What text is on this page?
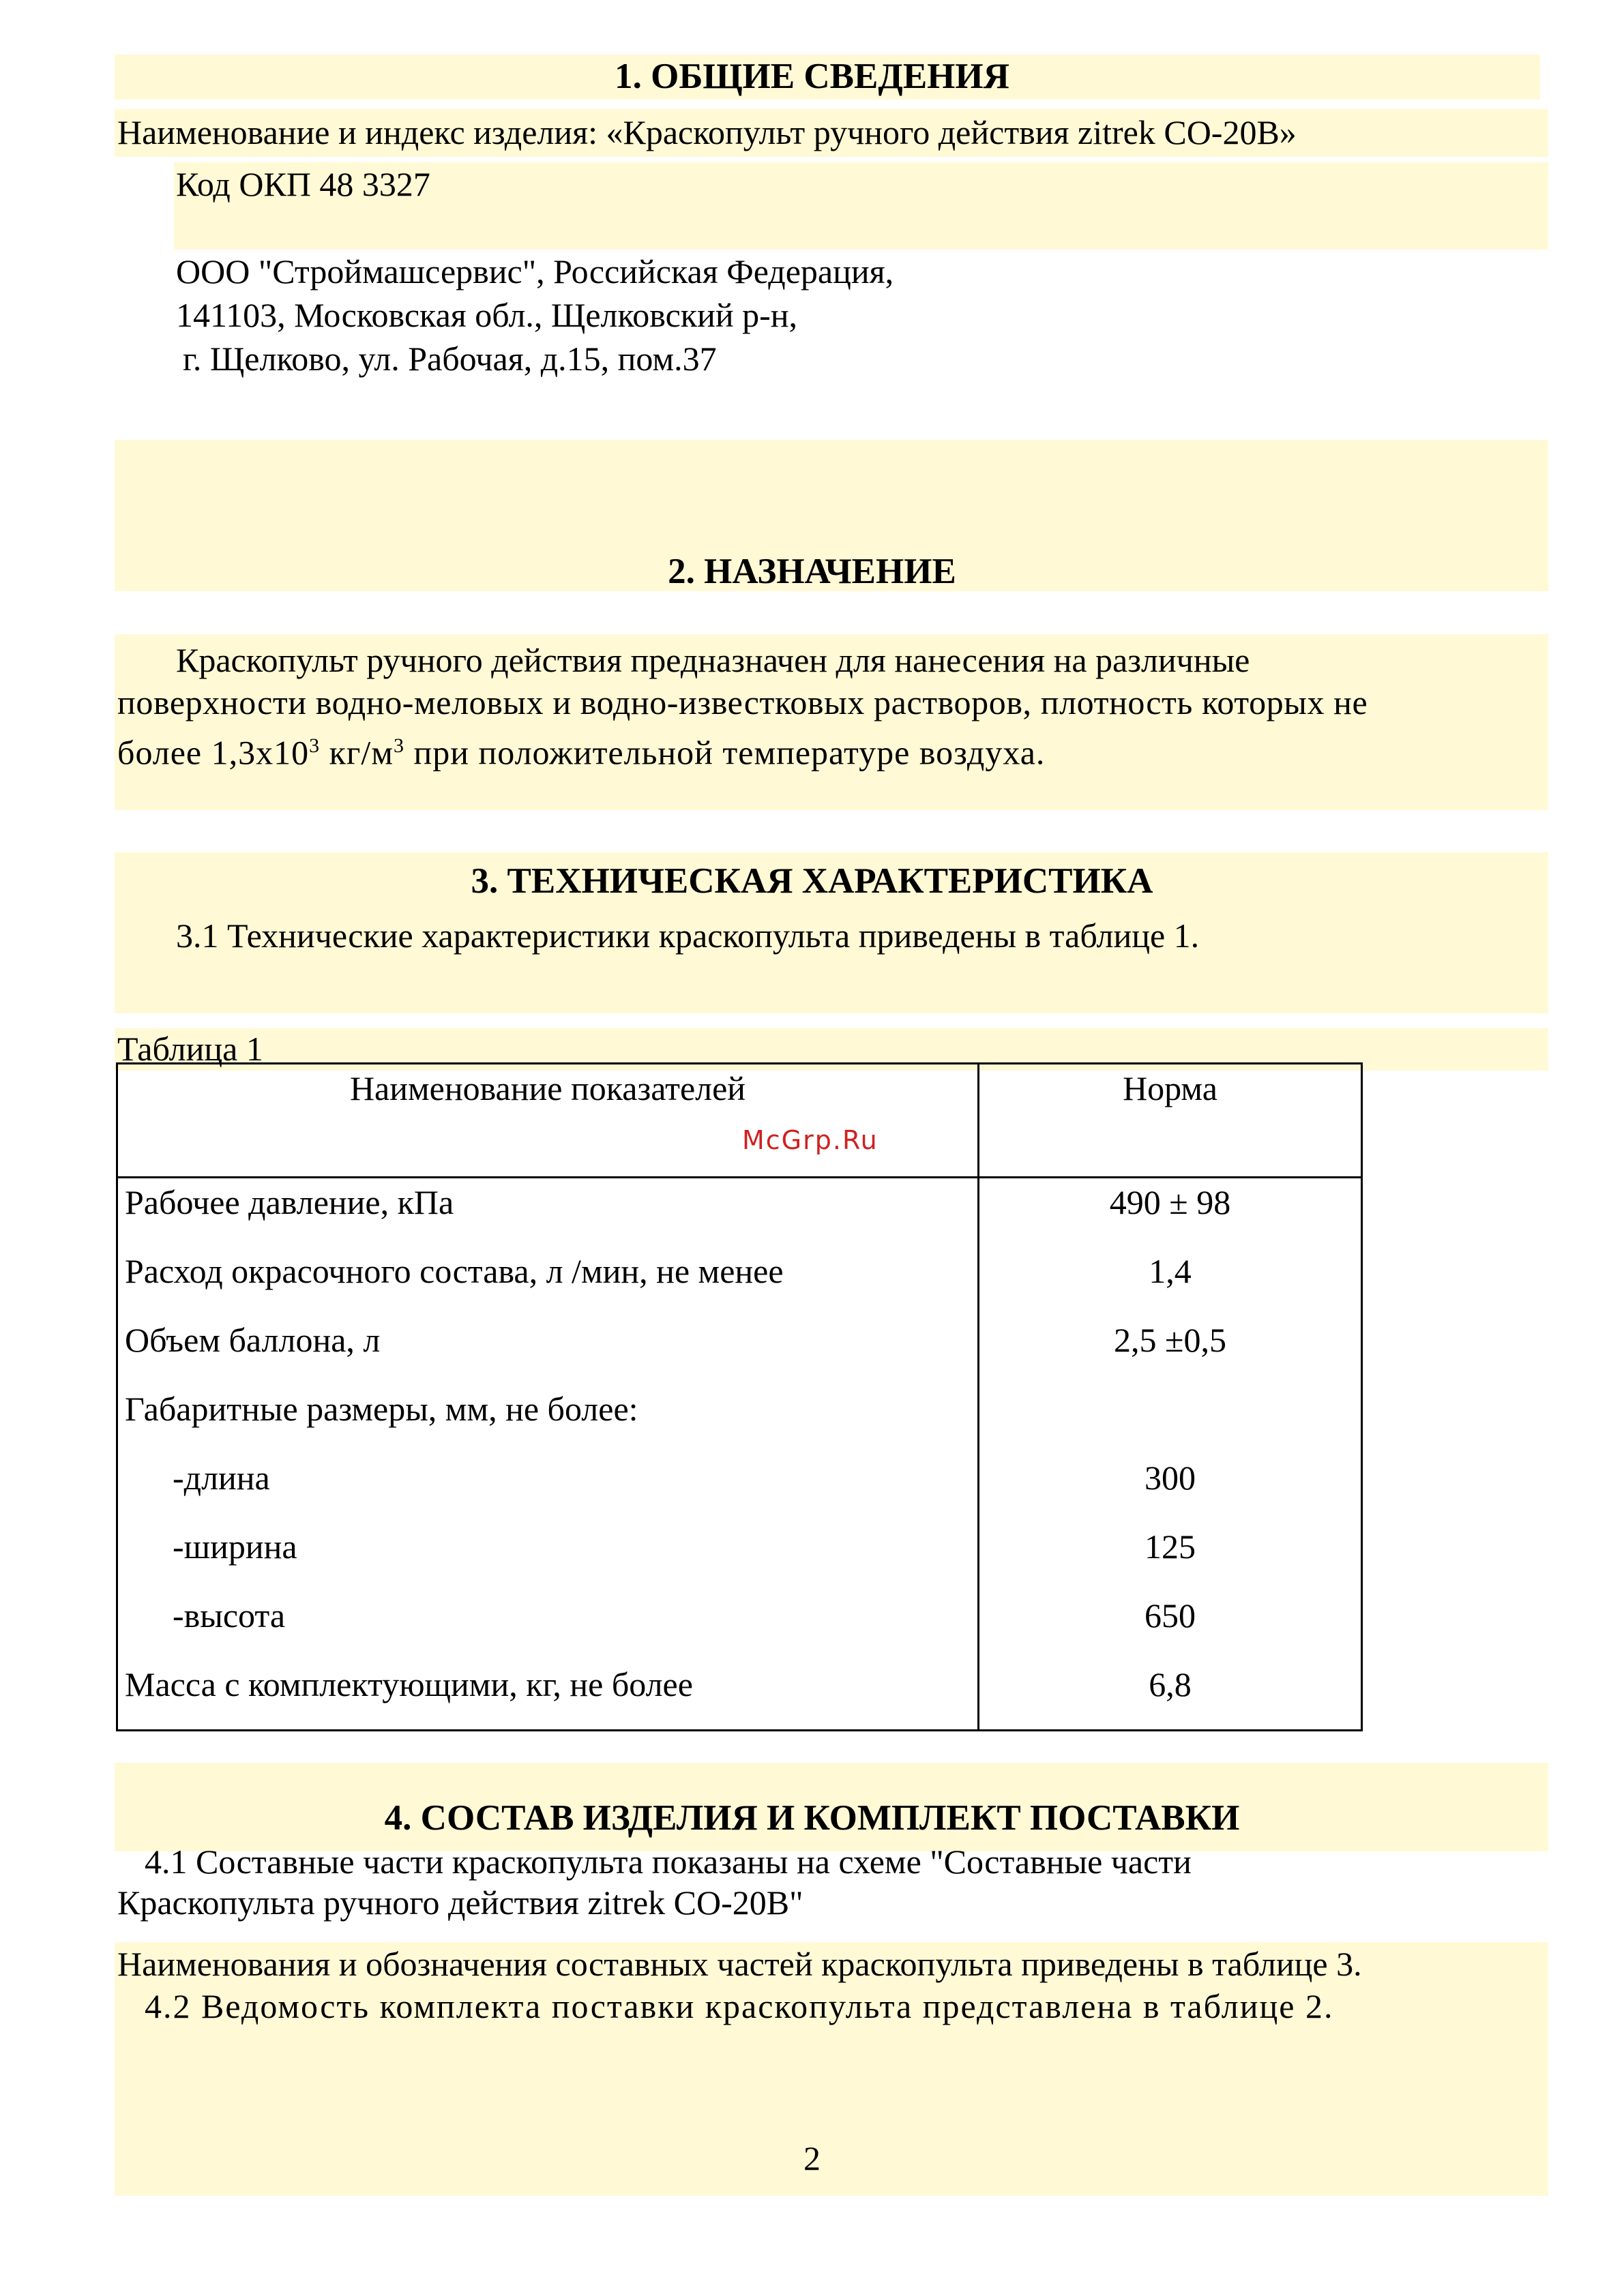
1. ОБЩИЕ СВЕДЕНИЯ
Наименование и индекс изделия: «Краскопульт ручного действия zitrek СО-20В»
Код ОКП 48 3327
ООО "Строймашсервис", Российская Федерация,
141103, Московская обл., Щелковский р-н,
г. Щелково, ул. Рабочая, д.15, пом.37
2. НАЗНАЧЕНИЕ
Краскопульт ручного действия предназначен для нанесения на различные
поверхности водно-меловых и водно-известковых растворов, плотность которых не
более $1,3х10^3$ $кг/м^3$ при положительной температуре воздуха.
3. ТЕХНИЧЕСКАЯ ХАРАКТЕРИСТИКА
3.1 Технические характеристики краскопульта приведены в таблице 1.
Таблица 1
Наименование показателей	Норма
Рабочее давление, кПа	490 ± 98
Расход окрасочного состава, л /мин, не менее	1,4
Объем баллона, л	2,5 ±0,5
Габаритные размеры, мм, не более:	
-длина	300
-ширина	125
-высота	650
Масса с комплектующими, кг, не более	6,8
McGrp.Ru
4. СОСТАВ ИЗДЕЛИЯ И КОМПЛЕКТ ПОСТАВКИ
4.1 Составные части краскопульта показаны на схеме "Составные части
Краскопульта ручного действия zitrek СО-20В"
Наименования и обозначения составных частей краскопульта приведены в таблице 3.
4.2 Ведомость комплекта поставки краскопульта представлена в таблице 2.
2
